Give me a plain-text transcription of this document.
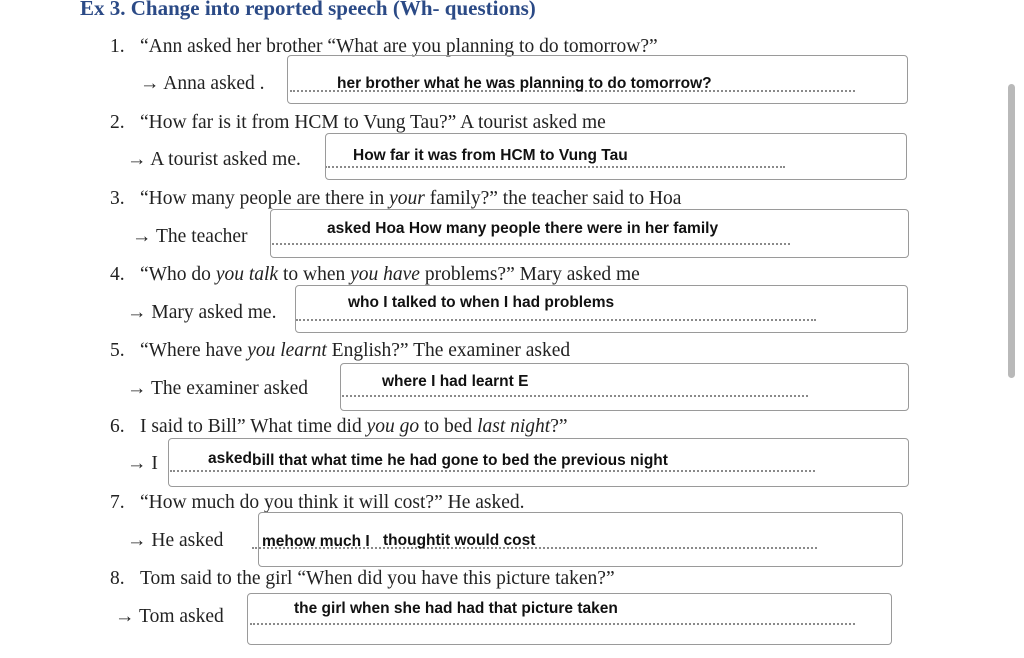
Ex 3. Change into reported speech (Wh- questions)
1. “Ann asked her brother “What are you planning to do tomorrow?”
→ Anna asked .	her brother what he was planning to do tomorrow?
2. “How far is it from HCM to Vung Tau?” A tourist asked me
→ A tourist asked me.	How far it was from HCM to Vung Tau
3. “How many people are there in your family?” the teacher said to Hoa
→ The teacher	asked Hoa How many people there were in her family
4. “Who do you talk to when you have problems?” Mary asked me
→ Mary asked me.	who I talked to when I had problems
5. “Where have you learnt English?” The examiner asked
→ The examiner asked	where I had learnt E
6. I said to Bill” What time did you go to bed last night?”
→ I	asked bill that what time he had gone to bed the previous night
7. “How much do you think it will cost?” He asked.
→ He asked mehow much I thoughtit would cost
8. Tom said to the girl “When did you have this picture taken?”
→ Tom asked	the girl when she had had that picture taken
